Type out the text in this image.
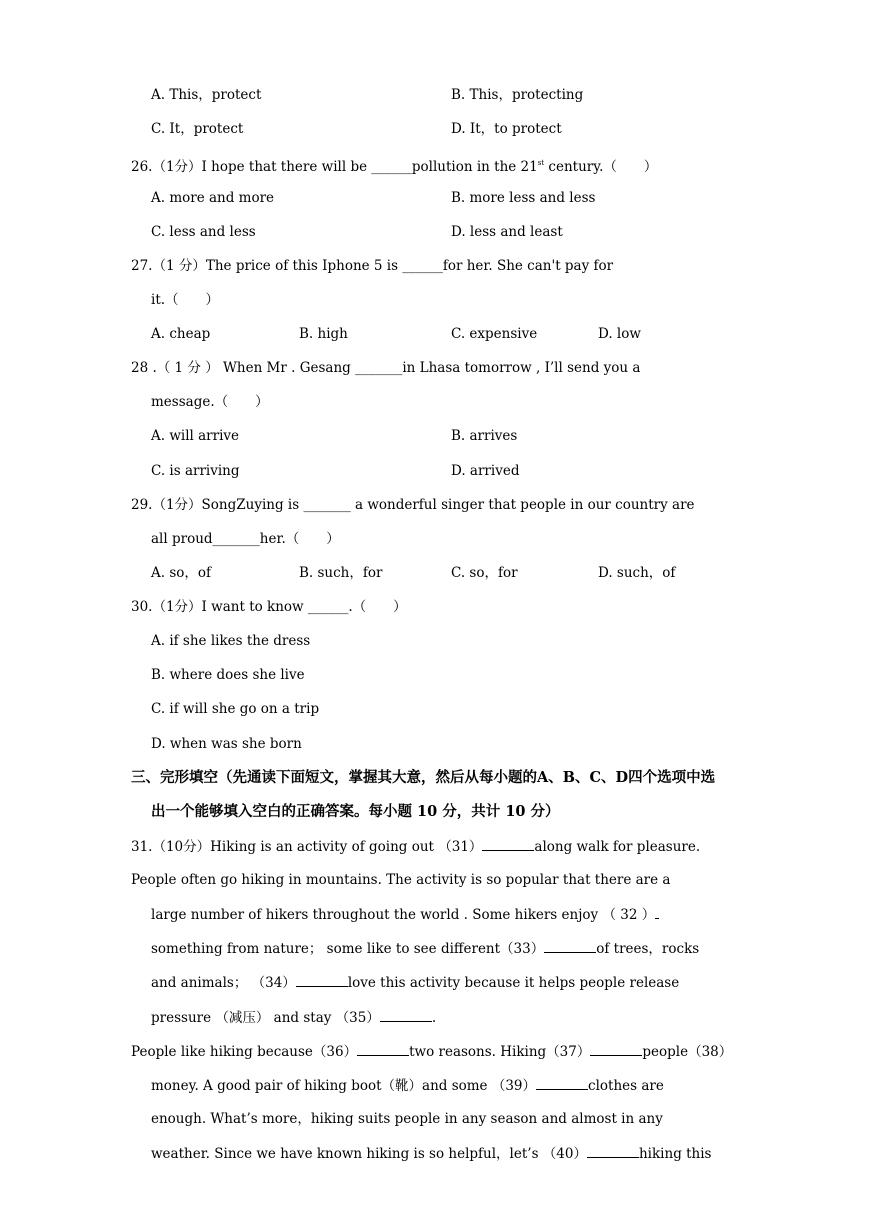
A. This，protect	B. This，protecting
C. It，protect	D. It，to protect
26.（1分）I hope that there will be ______pollution in the 21st century.（　　）
A. more and more	B. more less and less
C. less and less	D. less and least
27.（1 分）The price of this Iphone 5 is ______for her. She can't pay for
it.（　　）
A. cheap	B. high	C. expensive	D. low
28 .（ 1 分 ） When Mr . Gesang _______in Lhasa tomorrow , I’ll send you a
message.（　　）
A. will arrive	B. arrives
C. is arriving	D. arrived
29.（1分）SongZuying is _______ a wonderful singer that people in our country are
all proud_______her.（　　）
A. so，of	B. such，for	C. so，for	D. such，of
30.（1分）I want to know ______.（　　）
A. if she likes the dress
B. where does she live
C. if will she go on a trip
D. when was she born
三、完形填空（先通读下面短文，掌握其大意，然后从每小题的A、B、C、D四个选项中选
出一个能够填入空白的正确答案。每小题 10 分，共计 10 分）
31.（10分）Hiking is an activity of going out （31）	along walk for pleasure.
People often go hiking in mountains. The activity is so popular that there are a
large number of hikers throughout the world . Some hikers enjoy （ 32 ）
something from nature； some like to see different（33）	of trees，rocks
and animals； （34）	love this activity because it helps people release
pressure （减压） and stay （35）	.
People like hiking because（36）	two reasons. Hiking（37）	people（38）
money. A good pair of hiking boot（靴）and some （39）	clothes are
enough. What’s more，hiking suits people in any season and almost in any
weather. Since we have known hiking is so helpful，let’s （40）	hiking this
